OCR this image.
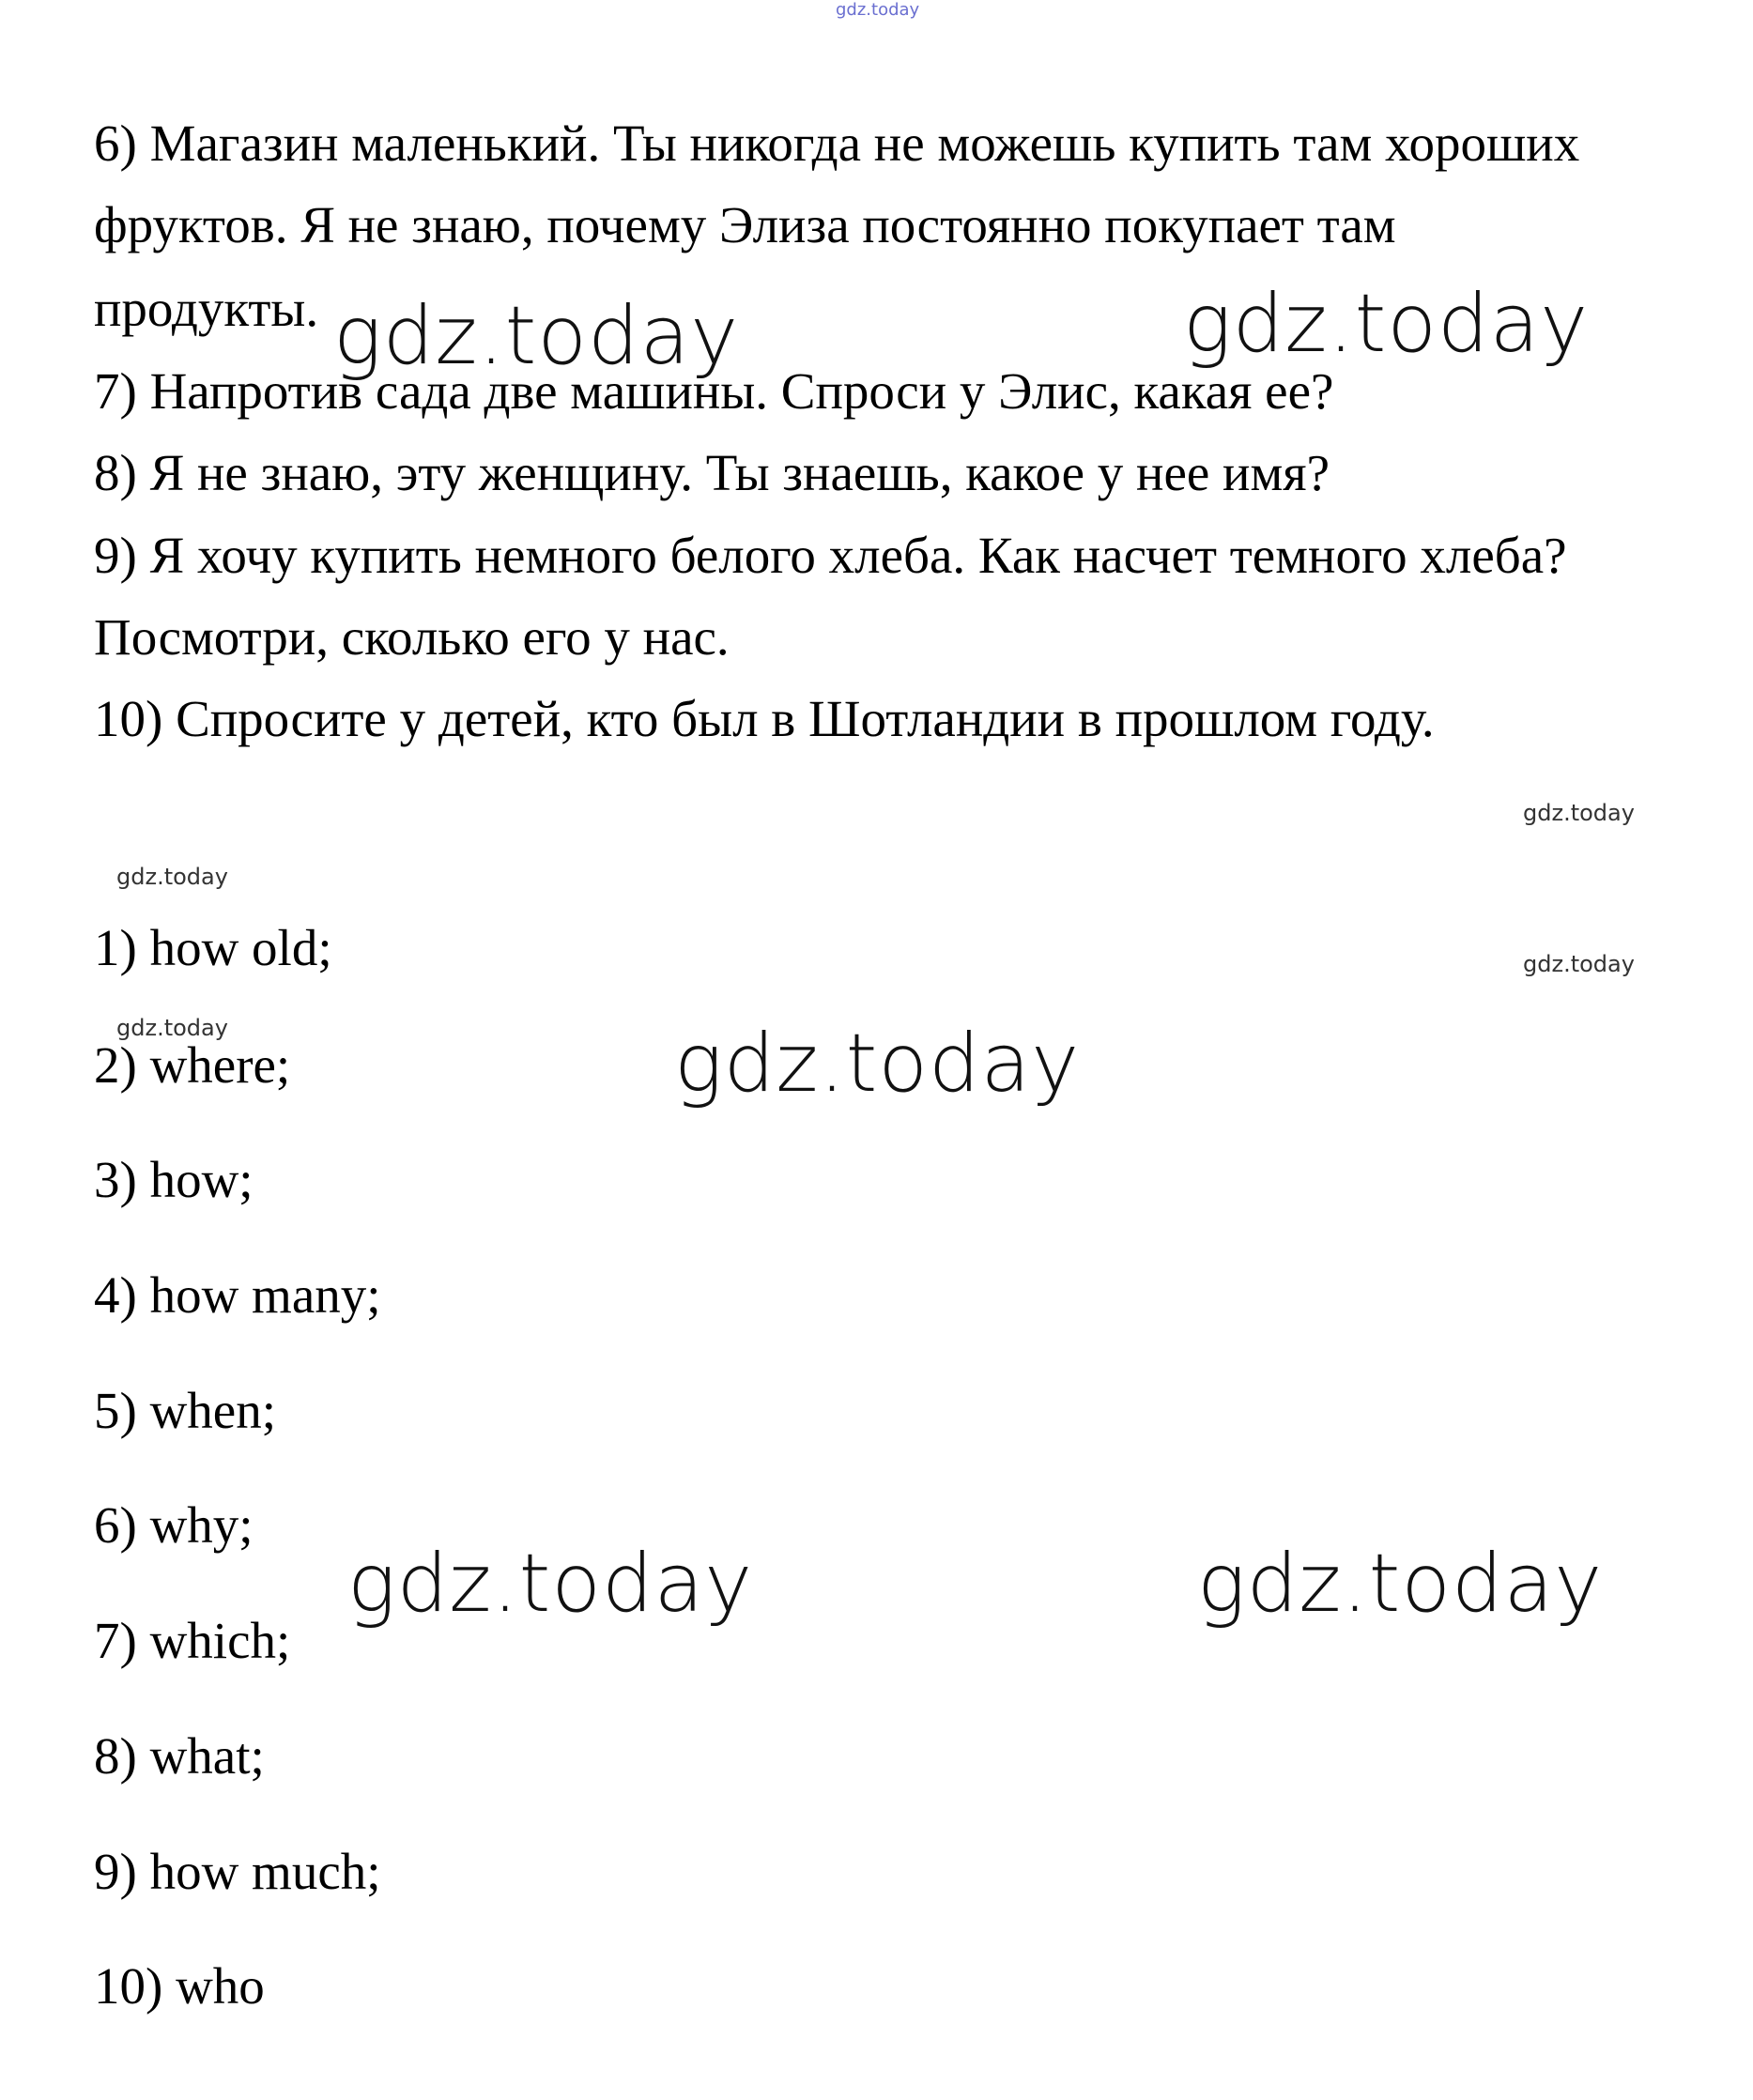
gdz.today
6) Магазин маленький. Ты никогда не можешь купить там хороших
фруктов. Я не знаю, почему Элиза постоянно покупает там
продукты.
7) Напротив сада две машины. Спроси у Элис, какая ее?
8) Я не знаю, эту женщину. Ты знаешь, какое у нее имя?
9) Я хочу купить немного белого хлеба. Как насчет темного хлеба?
Посмотри, сколько его у нас.
10) Спросите у детей, кто был в Шотландии в прошлом году.
1) how old;
2) where;
3) how;
4) how many;
5) when;
6) why;
7) which;
8) what;
9) how much;
10) who
gdz.today	gdz.today
gdz.today
gdz.today	gdz.today
gdz.today
gdz.today
gdz.today
gdz.today
